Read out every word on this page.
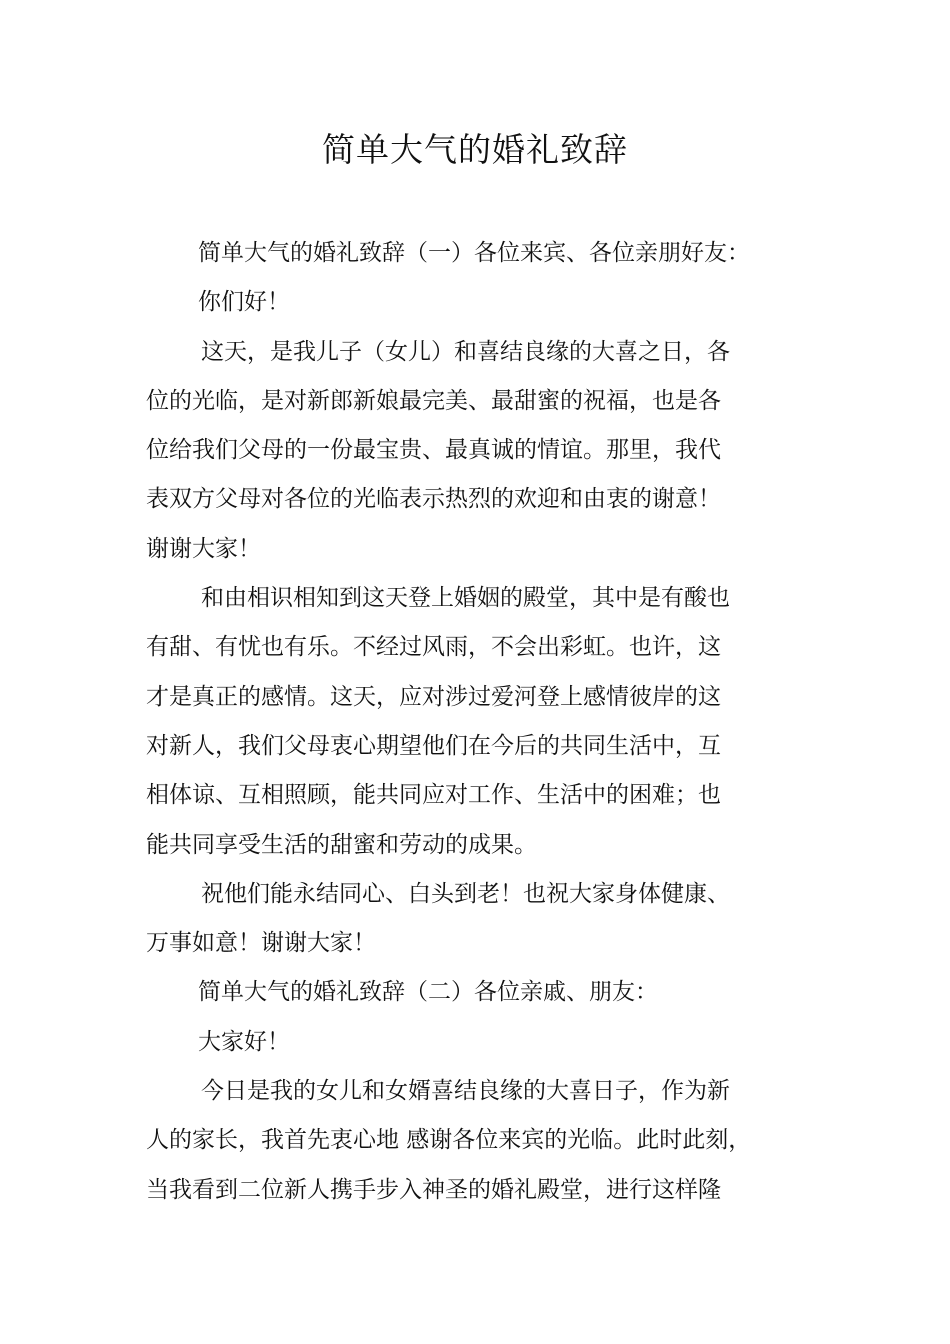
简单大气的婚礼致辞

简单大气的婚礼致辞（一）各位来宾、各位亲朋好友：

你们好！

这天，是我儿子（女儿）和喜结良缘的大喜之日，各
位的光临，是对新郎新娘最完美、最甜蜜的祝福，也是各
位给我们父母的一份最宝贵、最真诚的情谊。那里，我代
表双方父母对各位的光临表示热烈的欢迎和由衷的谢意！
谢谢大家！

和由相识相知到这天登上婚姻的殿堂，其中是有酸也
有甜、有忧也有乐。不经过风雨，不会出彩虹。也许，这
才是真正的感情。这天，应对涉过爱河登上感情彼岸的这
对新人，我们父母衷心期望他们在今后的共同生活中，互
相体谅、互相照顾，能共同应对工作、生活中的困难；也
能共同享受生活的甜蜜和劳动的成果。

祝他们能永结同心、白头到老！也祝大家身体健康、
万事如意！谢谢大家！

简单大气的婚礼致辞（二）各位亲戚、朋友：

大家好！

今日是我的女儿和女婿喜结良缘的大喜日子，作为新
人的家长，我首先衷心地 感谢各位来宾的光临。此时此刻，
当我看到二位新人携手步入神圣的婚礼殿堂，进行这样隆
